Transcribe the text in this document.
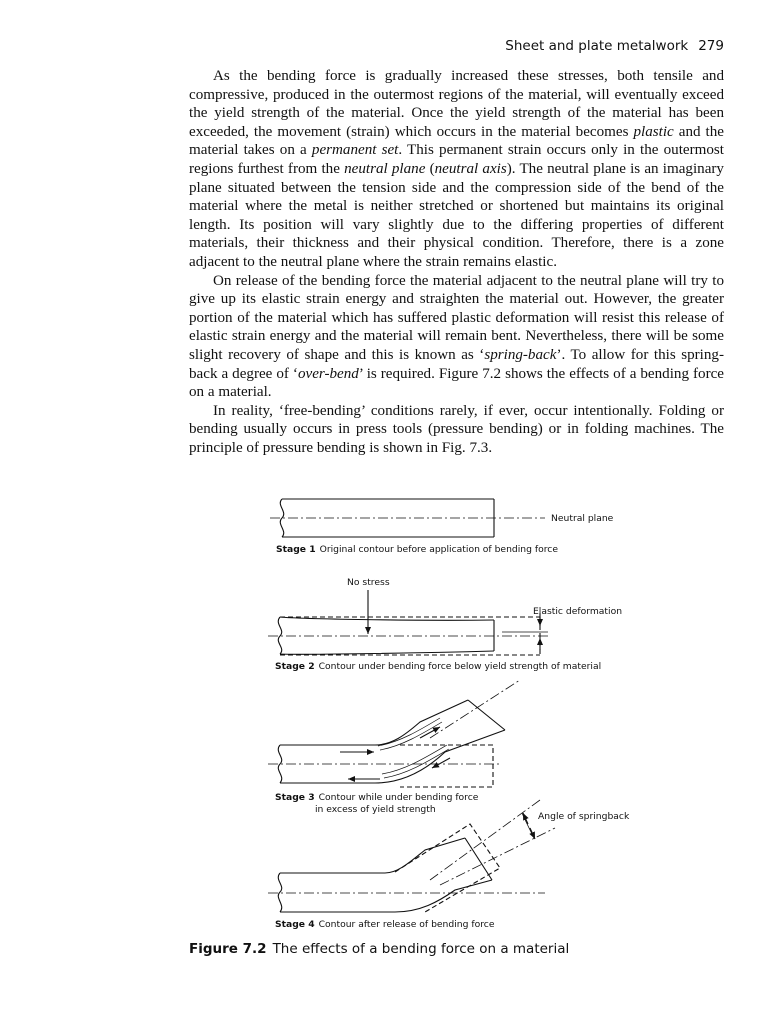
Sheet and plate metalwork 279

As the bending force is gradually increased these stresses, both tensile and compressive, produced in the outermost regions of the material, will eventually exceed the yield strength of the material. Once the yield strength of the material has been exceeded, the movement (strain) which occurs in the material becomes plastic and the material takes on a permanent set. This permanent strain occurs only in the outermost regions furthest from the neutral plane (neutral axis). The neutral plane is an imaginary plane situated between the tension side and the compression side of the bend of the material where the metal is neither stretched or shortened but maintains its original length. Its position will vary slightly due to the differing properties of different materials, their thickness and their physical condition. Therefore, there is a zone adjacent to the neutral plane where the strain remains elastic.

On release of the bending force the material adjacent to the neutral plane will try to give up its elastic strain energy and straighten the material out. However, the greater portion of the material which has suffered plastic deformation will resist this release of elastic strain energy and the material will remain bent. Nevertheless, there will be some slight recovery of shape and this is known as ‘spring-back’. To allow for this spring-back a degree of ‘over-bend’ is required. Figure 7.2 shows the effects of a bending force on a material.

In reality, ‘free-bending’ conditions rarely, if ever, occur intentionally. Folding or bending usually occurs in press tools (pressure bending) or in folding machines. The principle of pressure bending is shown in Fig. 7.3.

Neutral plane
Stage 1 Original contour before application of bending force
No stress
Elastic deformation
Stage 2 Contour under bending force below yield strength of material
Stage 3 Contour while under bending force
in excess of yield strength
Angle of springback
Stage 4 Contour after release of bending force
Figure 7.2 The effects of a bending force on a material
